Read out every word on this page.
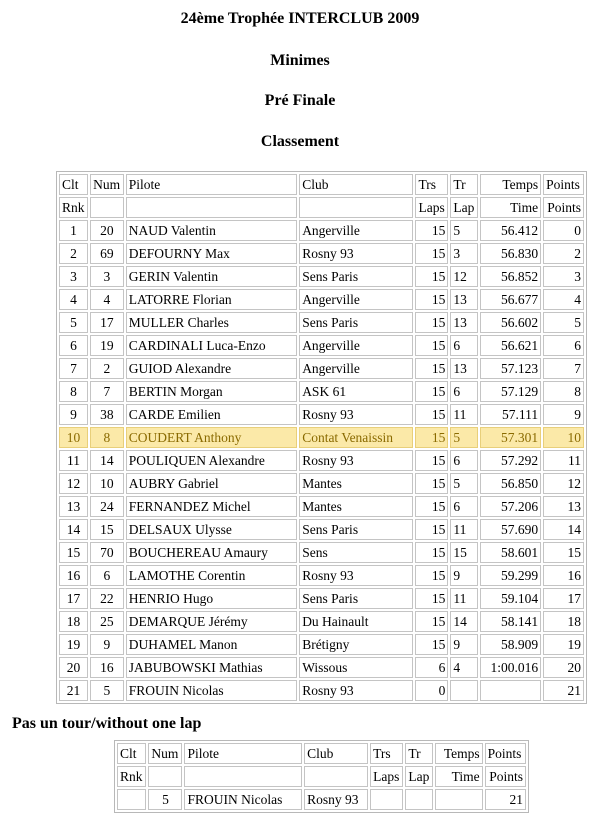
24ème Trophée INTERCLUB 2009
Minimes
Pré Finale
Classement
Clt	Num	Pilote	Club	Trs	Tr	Temps	Points
Rnk				Laps	Lap	Time	Points
1	20	NAUD Valentin	Angerville	15	5	56.412	0
2	69	DEFOURNY Max	Rosny 93	15	3	56.830	2
3	3	GERIN Valentin	Sens Paris	15	12	56.852	3
4	4	LATORRE Florian	Angerville	15	13	56.677	4
5	17	MULLER Charles	Sens Paris	15	13	56.602	5
6	19	CARDINALI Luca-Enzo	Angerville	15	6	56.621	6
7	2	GUIOD Alexandre	Angerville	15	13	57.123	7
8	7	BERTIN Morgan	ASK 61	15	6	57.129	8
9	38	CARDE Emilien	Rosny 93	15	11	57.111	9
10	8	COUDERT Anthony	Contat Venaissin	15	5	57.301	10
11	14	POULIQUEN Alexandre	Rosny 93	15	6	57.292	11
12	10	AUBRY Gabriel	Mantes	15	5	56.850	12
13	24	FERNANDEZ Michel	Mantes	15	6	57.206	13
14	15	DELSAUX Ulysse	Sens Paris	15	11	57.690	14
15	70	BOUCHEREAU Amaury	Sens	15	15	58.601	15
16	6	LAMOTHE Corentin	Rosny 93	15	9	59.299	16
17	22	HENRIO Hugo	Sens Paris	15	11	59.104	17
18	25	DEMARQUE Jérémy	Du Hainault	15	14	58.141	18
19	9	DUHAMEL Manon	Brétigny	15	9	58.909	19
20	16	JABUBOWSKI Mathias	Wissous	6	4	1:00.016	20
21	5	FROUIN Nicolas	Rosny 93	0			21
Pas un tour/without one lap
Clt	Num	Pilote	Club	Trs	Tr	Temps	Points
Rnk				Laps	Lap	Time	Points
	5	FROUIN Nicolas	Rosny 93				21
